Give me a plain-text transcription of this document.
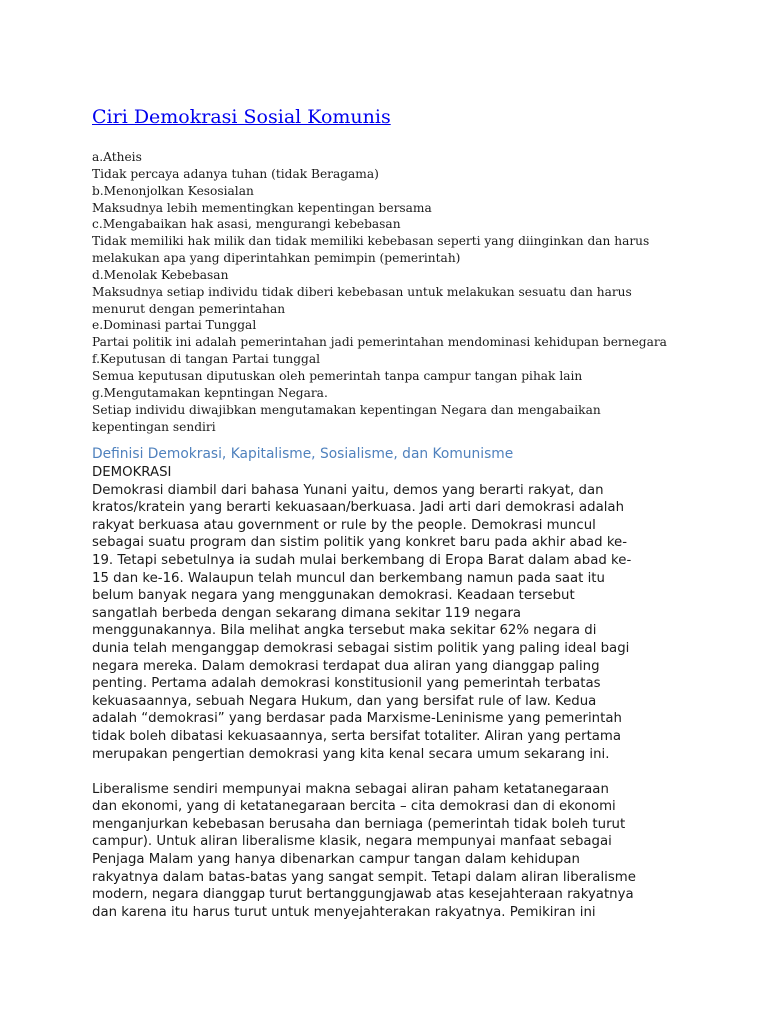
Ciri Demokrasi Sosial Komunis
a.Atheis
Tidak percaya adanya tuhan (tidak Beragama)
b.Menonjolkan Kesosialan
Maksudnya lebih mementingkan kepentingan bersama
c.Mengabaikan hak asasi, mengurangi kebebasan
Tidak memiliki hak milik dan tidak memiliki kebebasan seperti yang diinginkan dan harus
melakukan apa yang diperintahkan pemimpin (pemerintah)
d.Menolak Kebebasan
Maksudnya setiap individu tidak diberi kebebasan untuk melakukan sesuatu dan harus
menurut dengan pemerintahan
e.Dominasi partai Tunggal
Partai politik ini adalah pemerintahan jadi pemerintahan mendominasi kehidupan bernegara
f.Keputusan di tangan Partai tunggal
Semua keputusan diputuskan oleh pemerintah tanpa campur tangan pihak lain
g.Mengutamakan kepntingan Negara.
Setiap individu diwajibkan mengutamakan kepentingan Negara dan mengabaikan
kepentingan sendiri
Definisi Demokrasi, Kapitalisme, Sosialisme, dan Komunisme
DEMOKRASI
Demokrasi diambil dari bahasa Yunani yaitu, demos yang berarti rakyat, dan
kratos/kratein yang berarti kekuasaan/berkuasa. Jadi arti dari demokrasi adalah
rakyat berkuasa atau government or rule by the people. Demokrasi muncul
sebagai suatu program dan sistim politik yang konkret baru pada akhir abad ke-
19. Tetapi sebetulnya ia sudah mulai berkembang di Eropa Barat dalam abad ke-
15 dan ke-16. Walaupun telah muncul dan berkembang namun pada saat itu
belum banyak negara yang menggunakan demokrasi. Keadaan tersebut
sangatlah berbeda dengan sekarang dimana sekitar 119 negara
menggunakannya. Bila melihat angka tersebut maka sekitar 62% negara di
dunia telah menganggap demokrasi sebagai sistim politik yang paling ideal bagi
negara mereka. Dalam demokrasi terdapat dua aliran yang dianggap paling
penting. Pertama adalah demokrasi konstitusionil yang pemerintah terbatas
kekuasaannya, sebuah Negara Hukum, dan yang bersifat rule of law. Kedua
adalah “demokrasi” yang berdasar pada Marxisme-Leninisme yang pemerintah
tidak boleh dibatasi kekuasaannya, serta bersifat totaliter. Aliran yang pertama
merupakan pengertian demokrasi yang kita kenal secara umum sekarang ini.
Liberalisme sendiri mempunyai makna sebagai aliran paham ketatanegaraan
dan ekonomi, yang di ketatanegaraan bercita – cita demokrasi dan di ekonomi
menganjurkan kebebasan berusaha dan berniaga (pemerintah tidak boleh turut
campur). Untuk aliran liberalisme klasik, negara mempunyai manfaat sebagai
Penjaga Malam yang hanya dibenarkan campur tangan dalam kehidupan
rakyatnya dalam batas-batas yang sangat sempit. Tetapi dalam aliran liberalisme
modern, negara dianggap turut bertanggungjawab atas kesejahteraan rakyatnya
dan karena itu harus turut untuk menyejahterakan rakyatnya. Pemikiran ini
